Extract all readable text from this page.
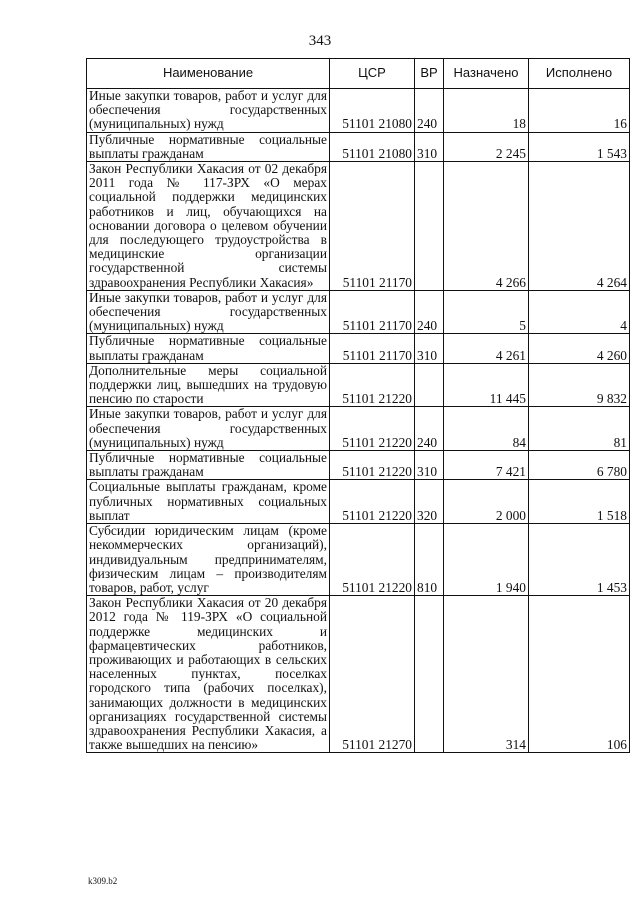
343
Наименование	ЦСР	ВР	Назначено	Исполнено
Иные закупки товаров, работ и услуг для обеспечения государственных (муниципальных) нужд	51101 21080	240	18	16
Публичные нормативные социальные выплаты гражданам	51101 21080	310	2 245	1 543
Закон Республики Хакасия от 02 декабря 2011 года № 117-ЗРХ «О мерах социальной поддержки медицинских работников и лиц, обучающихся на основании договора о целевом обучении для последующего трудоустройства в медицинские организации государственной системы здравоохранения Республики Хакасия»	51101 21170		4 266	4 264
Иные закупки товаров, работ и услуг для обеспечения государственных (муниципальных) нужд	51101 21170	240	5	4
Публичные нормативные социальные выплаты гражданам	51101 21170	310	4 261	4 260
Дополнительные меры социальной поддержки лиц, вышедших на трудовую пенсию по старости	51101 21220		11 445	9 832
Иные закупки товаров, работ и услуг для обеспечения государственных (муниципальных) нужд	51101 21220	240	84	81
Публичные нормативные социальные выплаты гражданам	51101 21220	310	7 421	6 780
Социальные выплаты гражданам, кроме публичных нормативных социальных выплат	51101 21220	320	2 000	1 518
Субсидии юридическим лицам (кроме некоммерческих организаций), индивидуальным предпринимателям, физическим лицам – производителям товаров, работ, услуг	51101 21220	810	1 940	1 453
Закон Республики Хакасия от 20 декабря 2012 года № 119-ЗРХ «О социальной поддержке медицинских и фармацевтических работников, проживающих и работающих в сельских населенных пунктах, поселках городского типа (рабочих поселках), занимающих должности в медицинских организациях государственной системы здравоохранения Республики Хакасия, а также вышедших на пенсию»	51101 21270		314	106
k309.b2
